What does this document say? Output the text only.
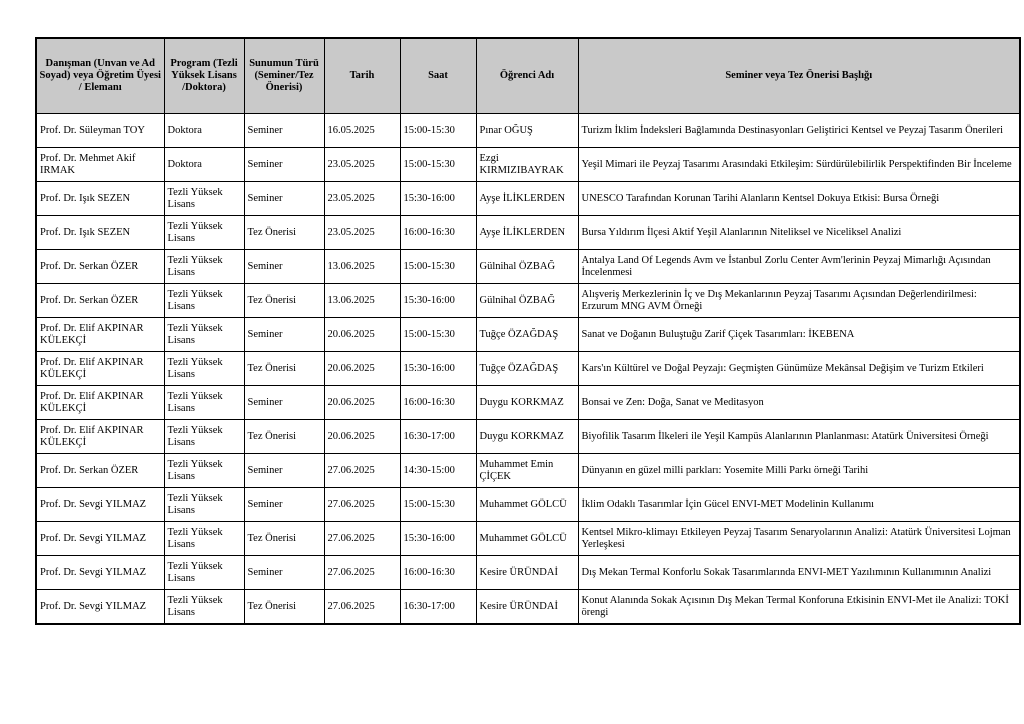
Danışman (Unvan ve Ad Soyad) veya Öğretim Üyesi / Elemanı	Program (Tezli Yüksek Lisans /Doktora)	Sunumun Türü (Seminer/Tez Önerisi)	Tarih	Saat	Öğrenci Adı	Seminer veya Tez Önerisi Başlığı
Prof. Dr. Süleyman TOY	Doktora	Seminer	16.05.2025	15:00-15:30	Pınar OĞUŞ	Turizm İklim İndeksleri Bağlamında Destinasyonları Geliştirici Kentsel ve Peyzaj Tasarım Önerileri
Prof. Dr. Mehmet Akif IRMAK	Doktora	Seminer	23.05.2025	15:00-15:30	Ezgi KIRMIZIBAYRAK	Yeşil Mimari ile Peyzaj Tasarımı Arasındaki Etkileşim: Sürdürülebilirlik Perspektifinden Bir İnceleme
Prof. Dr. Işık SEZEN	Tezli Yüksek Lisans	Seminer	23.05.2025	15:30-16:00	Ayşe İLİKLERDEN	UNESCO Tarafından Korunan Tarihi Alanların Kentsel Dokuya Etkisi: Bursa Örneği
Prof. Dr. Işık SEZEN	Tezli Yüksek Lisans	Tez Önerisi	23.05.2025	16:00-16:30	Ayşe İLİKLERDEN	Bursa Yıldırım İlçesi Aktif Yeşil Alanlarının Niteliksel ve Niceliksel Analizi
Prof. Dr. Serkan ÖZER	Tezli Yüksek Lisans	Seminer	13.06.2025	15:00-15:30	Gülnihal ÖZBAĞ	Antalya Land Of Legends Avm ve İstanbul Zorlu Center Avm'lerinin Peyzaj Mimarlığı Açısından İncelenmesi
Prof. Dr. Serkan ÖZER	Tezli Yüksek Lisans	Tez Önerisi	13.06.2025	15:30-16:00	Gülnihal ÖZBAĞ	Alışveriş Merkezlerinin İç ve Dış Mekanlarının Peyzaj Tasarımı Açısından Değerlendirilmesi: Erzurum MNG AVM Örneği
Prof. Dr. Elif AKPINAR KÜLEKÇİ	Tezli Yüksek Lisans	Seminer	20.06.2025	15:00-15:30	Tuğçe ÖZAĞDAŞ	Sanat ve Doğanın Buluştuğu Zarif Çiçek Tasarımları: İKEBENA
Prof. Dr. Elif AKPINAR KÜLEKÇİ	Tezli Yüksek Lisans	Tez Önerisi	20.06.2025	15:30-16:00	Tuğçe ÖZAĞDAŞ	Kars'ın Kültürel ve Doğal Peyzajı: Geçmişten Günümüze Mekânsal Değişim ve Turizm Etkileri
Prof. Dr. Elif AKPINAR KÜLEKÇİ	Tezli Yüksek Lisans	Seminer	20.06.2025	16:00-16:30	Duygu KORKMAZ	Bonsai ve Zen: Doğa, Sanat ve Meditasyon
Prof. Dr. Elif AKPINAR KÜLEKÇİ	Tezli Yüksek Lisans	Tez Önerisi	20.06.2025	16:30-17:00	Duygu KORKMAZ	Biyofilik Tasarım İlkeleri ile Yeşil Kampüs Alanlarının Planlanması: Atatürk Üniversitesi Örneği
Prof. Dr. Serkan ÖZER	Tezli Yüksek Lisans	Seminer	27.06.2025	14:30-15:00	Muhammet Emin ÇİÇEK	Dünyanın en güzel milli parkları: Yosemite Milli Parkı örneği Tarihi
Prof. Dr. Sevgi YILMAZ	Tezli Yüksek Lisans	Seminer	27.06.2025	15:00-15:30	Muhammet GÖLCÜ	İklim Odaklı Tasarımlar İçin Gücel ENVI-MET Modelinin Kullanımı
Prof. Dr. Sevgi YILMAZ	Tezli Yüksek Lisans	Tez Önerisi	27.06.2025	15:30-16:00	Muhammet GÖLCÜ	Kentsel Mikro-klimayı Etkileyen Peyzaj Tasarım Senaryolarının Analizi: Atatürk Üniversitesi Lojman Yerleşkesi
Prof. Dr. Sevgi YILMAZ	Tezli Yüksek Lisans	Seminer	27.06.2025	16:00-16:30	Kesire ÜRÜNDAİ	Dış Mekan Termal Konforlu Sokak Tasarımlarında ENVI-MET Yazılımının Kullanımının Analizi
Prof. Dr. Sevgi YILMAZ	Tezli Yüksek Lisans	Tez Önerisi	27.06.2025	16:30-17:00	Kesire ÜRÜNDAİ	Konut Alanında Sokak Açısının Dış Mekan Termal Konforuna Etkisinin ENVI-Met ile Analizi: TOKİ örengi
